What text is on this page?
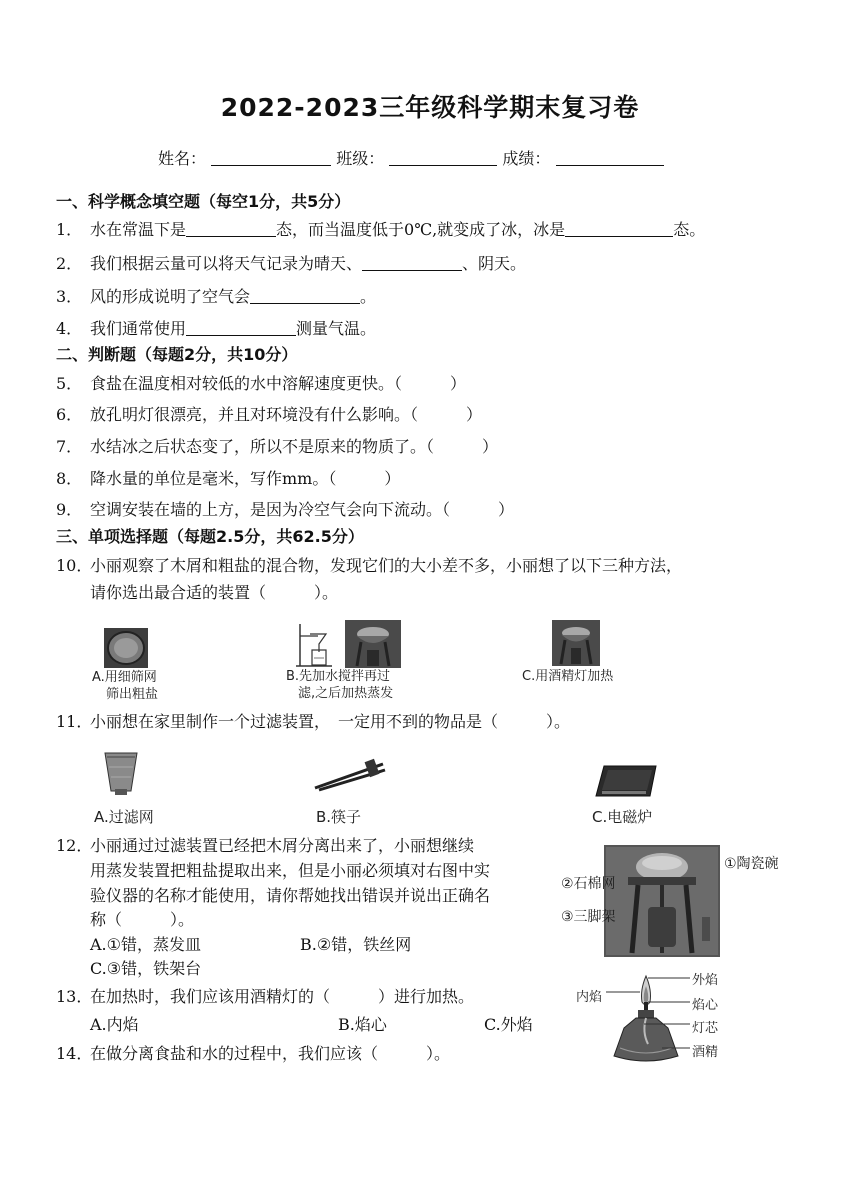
2022-2023三年级科学期末复习卷
姓名：	班级：	成绩：
一、科学概念填空题（每空1分，共5分）
1． 水在常温下是	态，而当温度低于0℃,就变成了冰，冰是	态。
2． 我们根据云量可以将天气记录为晴天、	、阴天。
3． 风的形成说明了空气会	。
4． 我们通常使用	测量气温。
二、判断题（每题2分，共10分）
5． 食盐在温度相对较低的水中溶解速度更快。（　　　）
6． 放孔明灯很漂亮，并且对环境没有什么影响。（　　　）
7． 水结冰之后状态变了，所以不是原来的物质了。（　　　）
8． 降水量的单位是毫米，写作mm。（　　　）
9． 空调安装在墙的上方，是因为冷空气会向下流动。（　　　）
三、单项选择题（每题2.5分，共62.5分）
10．小丽观察了木屑和粗盐的混合物，发现它们的大小差不多，小丽想了以下三种方法，
请你选出最合适的装置（　　　）。
A.用细筛网
筛出粗盐
B.先加水搅拌再过
滤,之后加热蒸发
C.用酒精灯加热
11．小丽想在家里制作一个过滤装置，　一定用不到的物品是（　　　）。
A.过滤网	B.筷子	C.电磁炉
12．小丽通过过滤装置已经把木屑分离出来了，小丽想继续
用蒸发装置把粗盐提取出来，但是小丽必须填对右图中实
验仪器的名称才能使用，请你帮她找出错误并说出正确名
称（　　　）。
A.①错，蒸发皿	B.②错，铁丝网
C.③错，铁架台
①陶瓷碗
②石棉网
③三脚架
13．在加热时，我们应该用酒精灯的（　　　）进行加热。
A.内焰	B.焰心	C.外焰
外焰
内焰
焰心
灯芯
酒精
14．在做分离食盐和水的过程中，我们应该（　　　）。
